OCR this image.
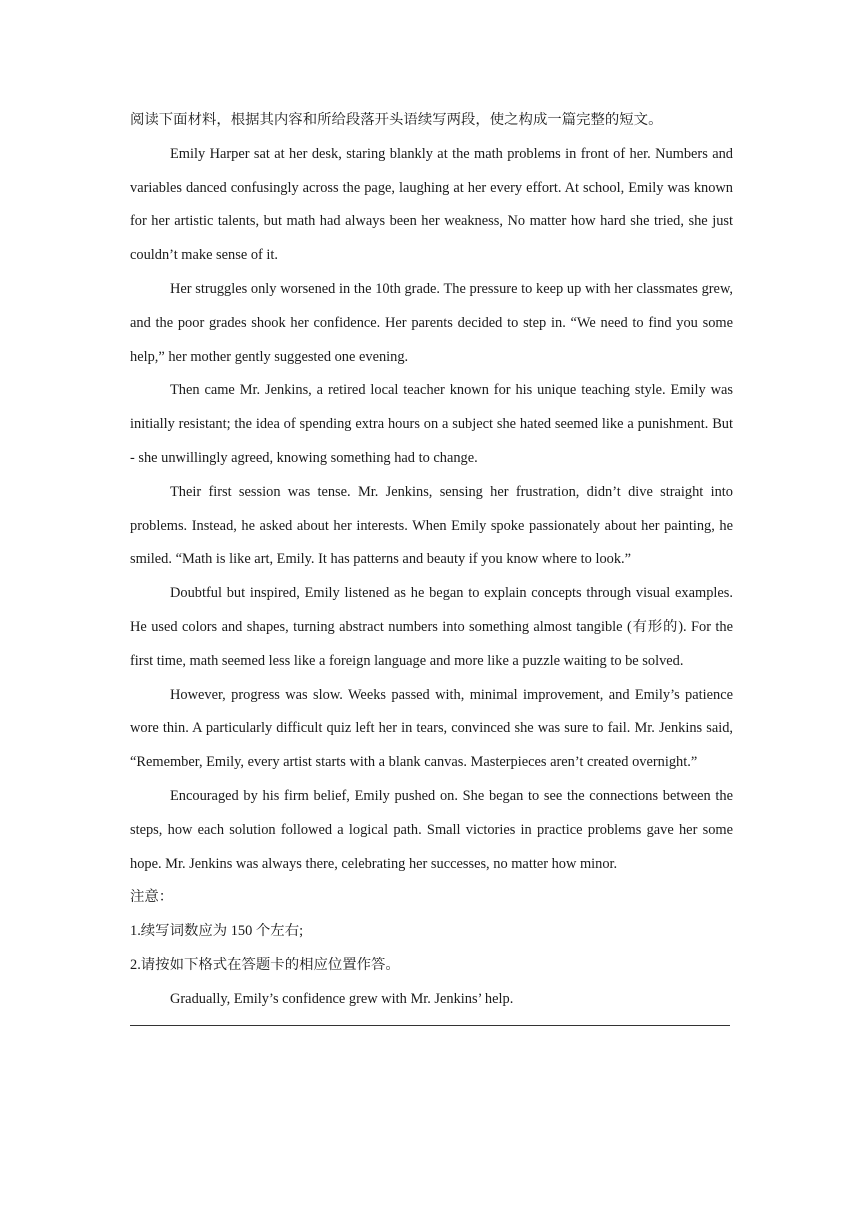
阅读下面材料，根据其内容和所给段落开头语续写两段，使之构成一篇完整的短文。

Emily Harper sat at her desk, staring blankly at the math problems in front of her. Numbers and variables danced confusingly across the page, laughing at her every effort. At school, Emily was known for her artistic talents, but math had always been her weakness, No matter how hard she tried, she just couldn’t make sense of it.

Her struggles only worsened in the 10th grade. The pressure to keep up with her classmates grew, and the poor grades shook her confidence. Her parents decided to step in. “We need to find you some help,” her mother gently suggested one evening.

Then came Mr. Jenkins, a retired local teacher known for his unique teaching style. Emily was initially resistant; the idea of spending extra hours on a subject she hated seemed like a punishment. But - she unwillingly agreed, knowing something had to change.

Their first session was tense. Mr. Jenkins, sensing her frustration, didn’t dive straight into problems. Instead, he asked about her interests. When Emily spoke passionately about her painting, he smiled. “Math is like art, Emily. It has patterns and beauty if you know where to look.”

Doubtful but inspired, Emily listened as he began to explain concepts through visual examples. He used colors and shapes, turning abstract numbers into something almost tangible (有形的). For the first time, math seemed less like a foreign language and more like a puzzle waiting to be solved.

However, progress was slow. Weeks passed with, minimal improvement, and Emily’s patience wore thin. A particularly difficult quiz left her in tears, convinced she was sure to fail. Mr. Jenkins said, “Remember, Emily, every artist starts with a blank canvas. Masterpieces aren’t created overnight.”

Encouraged by his firm belief, Emily pushed on. She began to see the connections between the steps, how each solution followed a logical path. Small victories in practice problems gave her some hope. Mr. Jenkins was always there, celebrating her successes, no matter how minor.

注意：

1.续写词数应为 150 个左右;

2.请按如下格式在答题卡的相应位置作答。

Gradually, Emily’s confidence grew with Mr. Jenkins’ help.
